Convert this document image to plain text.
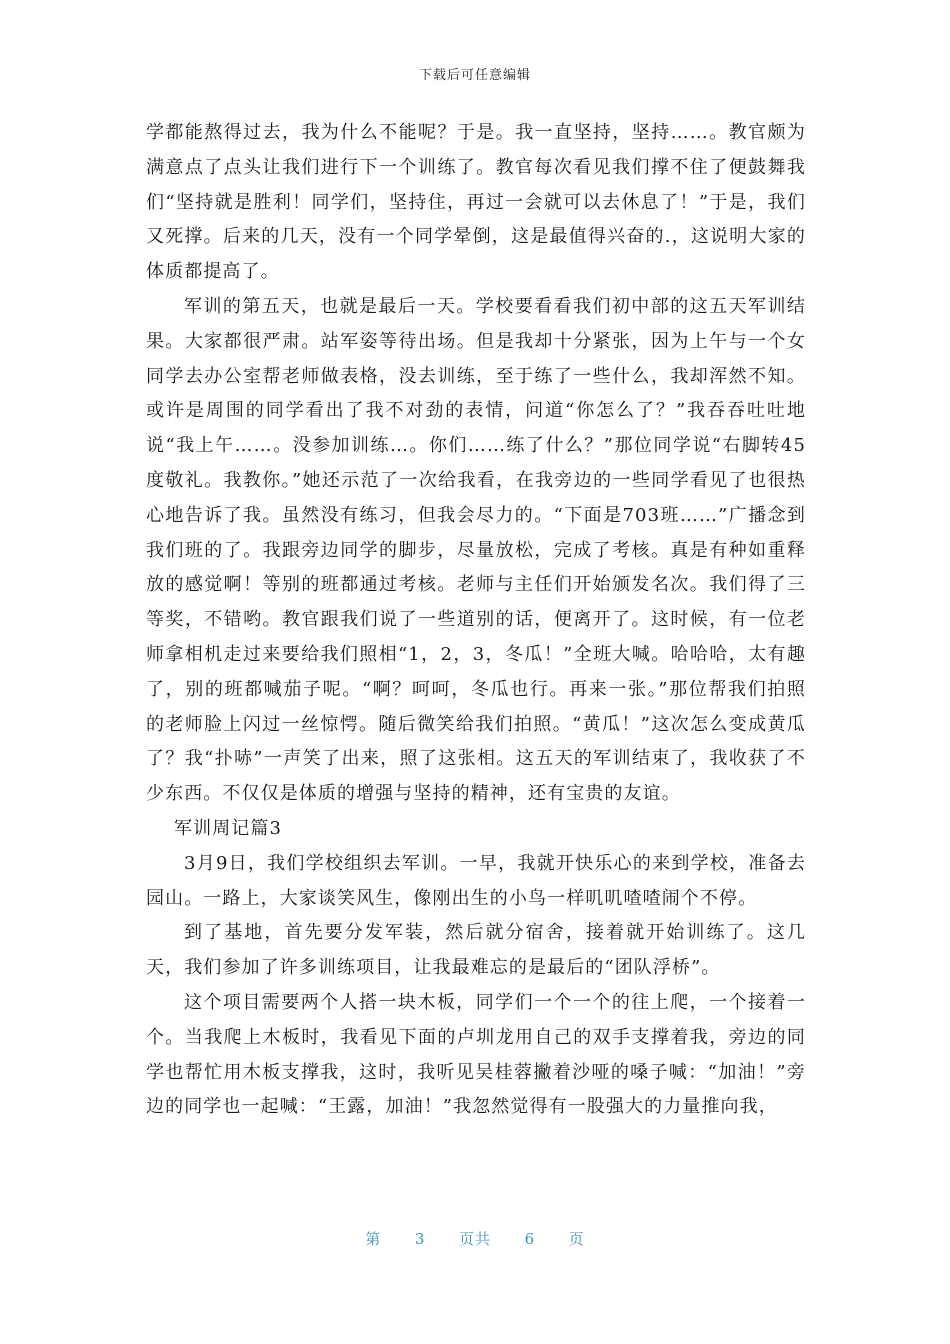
下载后可任意编辑

学都能熬得过去，我为什么不能呢？于是。我一直坚持，坚持……。教官颇为满意点了点头让我们进行下一个训练了。教官每次看见我们撑不住了便鼓舞我们“坚持就是胜利！同学们，坚持住，再过一会就可以去休息了！”于是，我们又死撑。后来的几天，没有一个同学晕倒，这是最值得兴奋的.，这说明大家的体质都提高了。

军训的第五天，也就是最后一天。学校要看看我们初中部的这五天军训结果。大家都很严肃。站军姿等待出场。但是我却十分紧张，因为上午与一个女同学去办公室帮老师做表格，没去训练，至于练了一些什么，我却浑然不知。或许是周围的同学看出了我不对劲的表情，问道“你怎么了？”我吞吞吐吐地说“我上午……。没参加训练…。你们……练了什么？”那位同学说“右脚转45度敬礼。我教你。”她还示范了一次给我看，在我旁边的一些同学看见了也很热心地告诉了我。虽然没有练习，但我会尽力的。“下面是703班……”广播念到我们班的了。我跟旁边同学的脚步，尽量放松，完成了考核。真是有种如重释放的感觉啊！等别的班都通过考核。老师与主任们开始颁发名次。我们得了三等奖，不错哟。教官跟我们说了一些道别的话，便离开了。这时候，有一位老师拿相机走过来要给我们照相“1，2，3，冬瓜！”全班大喊。哈哈哈，太有趣了，别的班都喊茄子呢。“啊？呵呵，冬瓜也行。再来一张。”那位帮我们拍照的老师脸上闪过一丝惊愕。随后微笑给我们拍照。“黄瓜！”这次怎么变成黄瓜了？我“扑哧”一声笑了出来，照了这张相。这五天的军训结束了，我收获了不少东西。不仅仅是体质的增强与坚持的精神，还有宝贵的友谊。

军训周记篇3

3月9日，我们学校组织去军训。一早，我就开快乐心的来到学校，准备去园山。一路上，大家谈笑风生，像刚出生的小鸟一样叽叽喳喳闹个不停。

到了基地，首先要分发军装，然后就分宿舍，接着就开始训练了。这几天，我们参加了许多训练项目，让我最难忘的是最后的“团队浮桥”。

这个项目需要两个人搭一块木板，同学们一个一个的往上爬，一个接着一个。当我爬上木板时，我看见下面的卢圳龙用自己的双手支撑着我，旁边的同学也帮忙用木板支撑我，这时，我听见吴桂蓉撇着沙哑的嗓子喊：“加油！”旁边的同学也一起喊：“王露，加油！”我忽然觉得有一股强大的力量推向我，

第 3 页共 6 页
